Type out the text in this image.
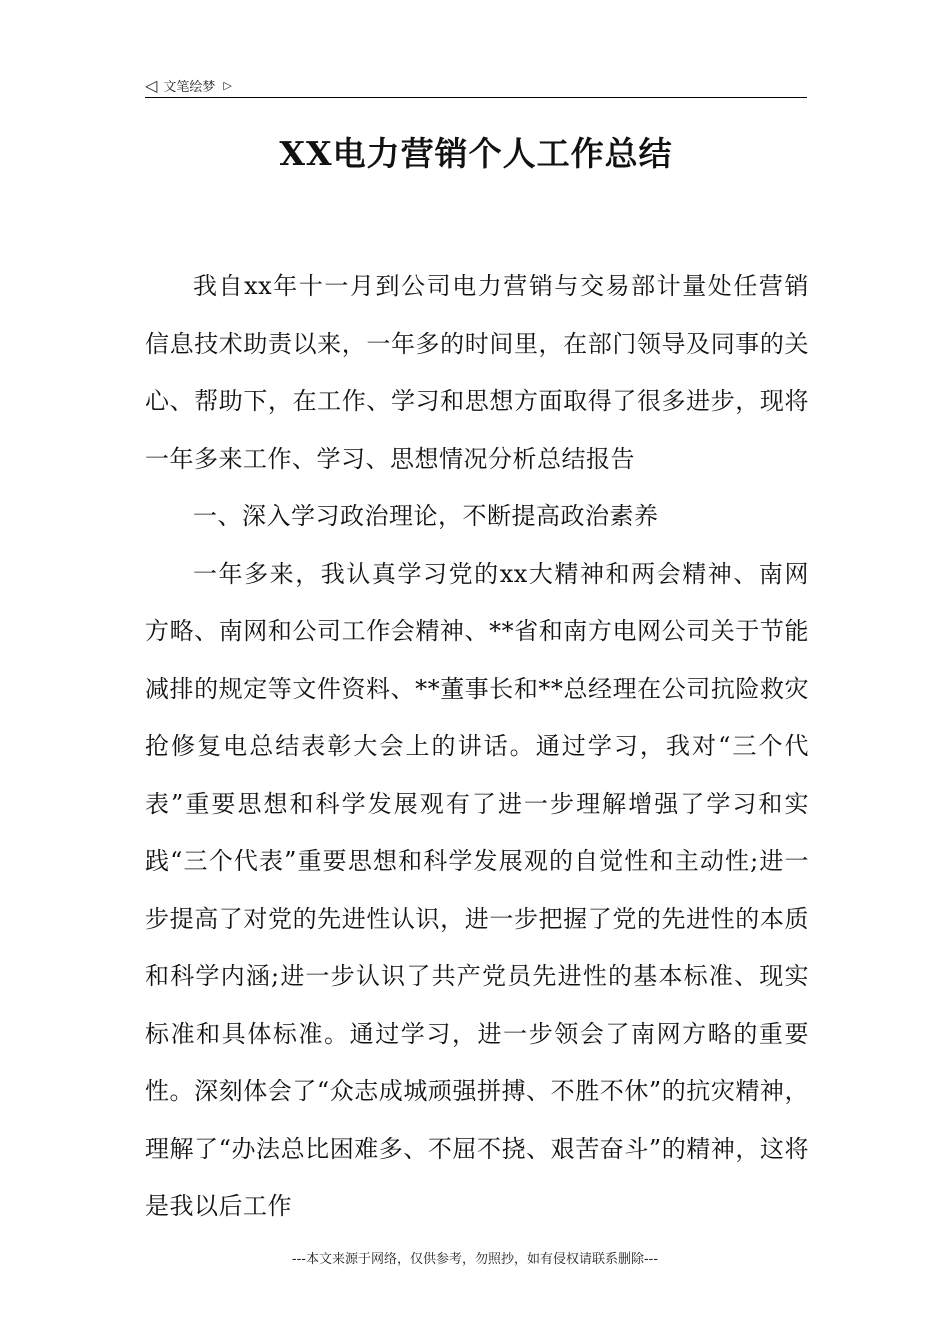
◁ 文笔绘梦 ▷
XX电力营销个人工作总结

我自xx年十一月到公司电力营销与交易部计量处任营销信息技术助责以来，一年多的时间里，在部门领导及同事的关心、帮助下，在工作、学习和思想方面取得了很多进步，现将一年多来工作、学习、思想情况分析总结报告

一、深入学习政治理论，不断提高政治素养

一年多来，我认真学习党的xx大精神和两会精神、南网方略、南网和公司工作会精神、**省和南方电网公司关于节能减排的规定等文件资料、**董事长和**总经理在公司抗险救灾抢修复电总结表彰大会上的讲话。通过学习，我对“三个代表”重要思想和科学发展观有了进一步理解增强了学习和实践“三个代表”重要思想和科学发展观的自觉性和主动性;进一步提高了对党的先进性认识，进一步把握了党的先进性的本质和科学内涵;进一步认识了共产党员先进性的基本标准、现实标准和具体标准。通过学习，进一步领会了南网方略的重要性。深刻体会了“众志成城顽强拼搏、不胜不休”的抗灾精神，理解了“办法总比困难多、不屈不挠、艰苦奋斗”的精神，这将是我以后工作

---本文来源于网络，仅供参考，勿照抄，如有侵权请联系删除---
